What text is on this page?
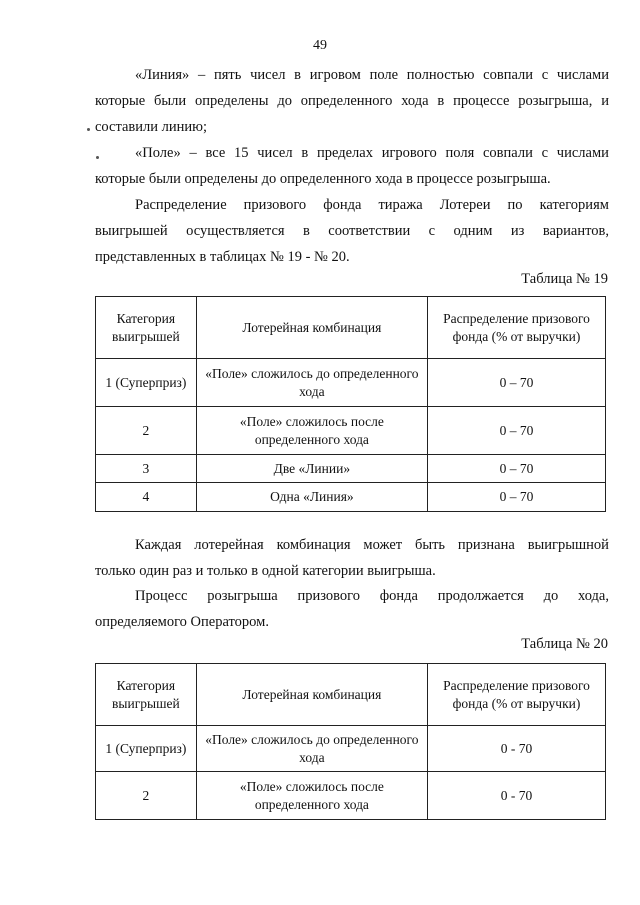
49
«Линия» – пять чисел в игровом поле полностью совпали с числами
которые были определены до определенного хода в процессе розыгрыша, и
составили линию;
«Поле» – все 15 чисел в пределах игрового поля совпали с числами
которые были определены до определенного хода в процессе розыгрыша.
Распределение призового фонда тиража Лотереи по категориям
выигрышей осуществляется в соответствии с одним из вариантов,
представленных в таблицах № 19 - № 20.
Таблица № 19
Категория выигрышей	Лотерейная комбинация	Распределение призового фонда (% от выручки)
1 (Суперприз)	«Поле» сложилось до определенного хода	0 – 70
2	«Поле» сложилось после определенного хода	0 – 70
3	Две «Линии»	0 – 70
4	Одна «Линия»	0 – 70
Каждая лотерейная комбинация может быть признана выигрышной
только один раз и только в одной категории выигрыша.
Процесс розыгрыша призового фонда продолжается до хода,
определяемого Оператором.
Таблица № 20
Категория выигрышей	Лотерейная комбинация	Распределение призового фонда (% от выручки)
1 (Суперприз)	«Поле» сложилось до определенного хода	0 - 70
2	«Поле» сложилось после определенного хода	0 - 70
